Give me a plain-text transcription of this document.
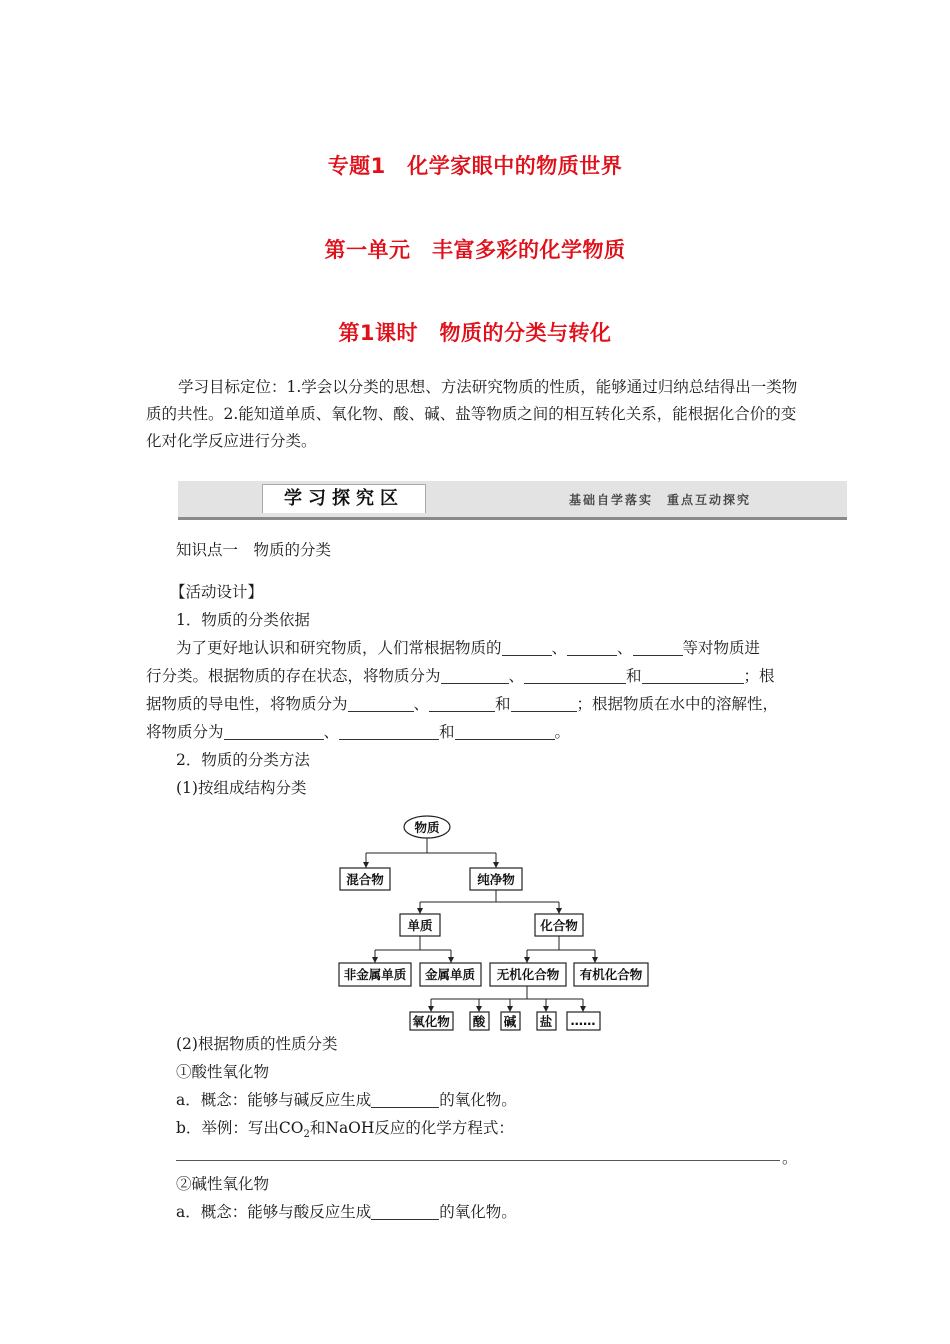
专题1　化学家眼中的物质世界
第一单元　丰富多彩的化学物质
第1课时　物质的分类与转化

学习目标定位：1.学会以分类的思想、方法研究物质的性质，能够通过归纳总结得出一类物质的共性。2.能知道单质、氧化物、酸、碱、盐等物质之间的相互转化关系，能根据化合价的变化对化学反应进行分类。

学习探究区	基础自学落实　重点互动探究
知识点一　物质的分类
【活动设计】
1．物质的分类依据
为了更好地认识和研究物质，人们常根据物质的	、	、	等对物质进
行分类。根据物质的存在状态，将物质分为	、	和	；根
据物质的导电性，将物质分为	、	和	；根据物质在水中的溶解性，
将物质分为	、	和	。
2．物质的分类方法
(1)按组成结构分类
物质
混合物	纯净物
单质	化合物
非金属单质 金属单质 无机化合物 有机化合物
氧化物 酸 碱 盐 ……
(2)根据物质的性质分类
①酸性氧化物
a．概念：能够与碱反应生成	的氧化物。
b．举例：写出$CO_2$和NaOH反应的化学方程式：
。
②碱性氧化物
a．概念：能够与酸反应生成	的氧化物。
